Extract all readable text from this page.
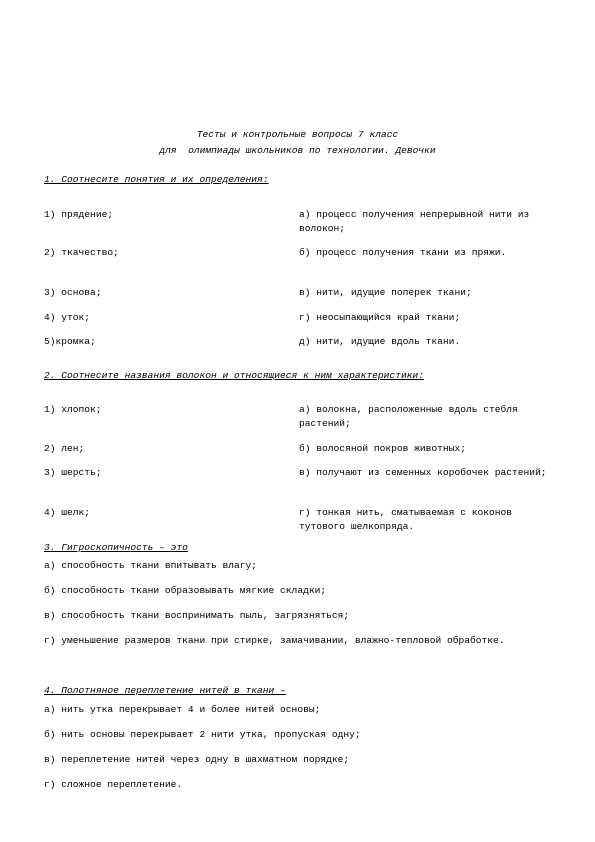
Тесты и контрольные вопросы 7 класс
для  олимпиады школьников по технологии. Девочки
1. Соотнесите понятия и их определения:
1) прядение;	а) процесс получения непрерывной нити из волокон;
2) ткачество;	б) процесс получения ткани из пряжи.
3) основа;	в) нити, идущие поперек ткани;
4) уток;	г) неосыпающийся край ткани;
5)кромка;	д) нити, идущие вдоль ткани.
2. Соотнесите названия волокон и относящиеся к ним характеристики:
1) хлопок;	а) волокна, расположенные вдоль стебля растений;
2) лен;	б) волосяной покров животных;
3) шерсть;	в) получают из семенных коробочек растений;
4) шелк;	г) тонкая нить, сматываемая с коконов тутового шелкопряда.
3. Гигроскопичность – это
а) способность ткани впитывать влагу;
б) способность ткани образовывать мягкие складки;
в) способность ткани воспринимать пыль, загрязняться;
г) уменьшение размеров ткани при стирке, замачивании, влажно-тепловой обработке.
4. Полотняное переплетение нитей в ткани –
а) нить утка перекрывает 4 и более нитей основы;
б) нить основы перекрывает 2 нити утка, пропуская одну;
в) переплетение нитей через одну в шахматном порядке;
г) сложное переплетение.
